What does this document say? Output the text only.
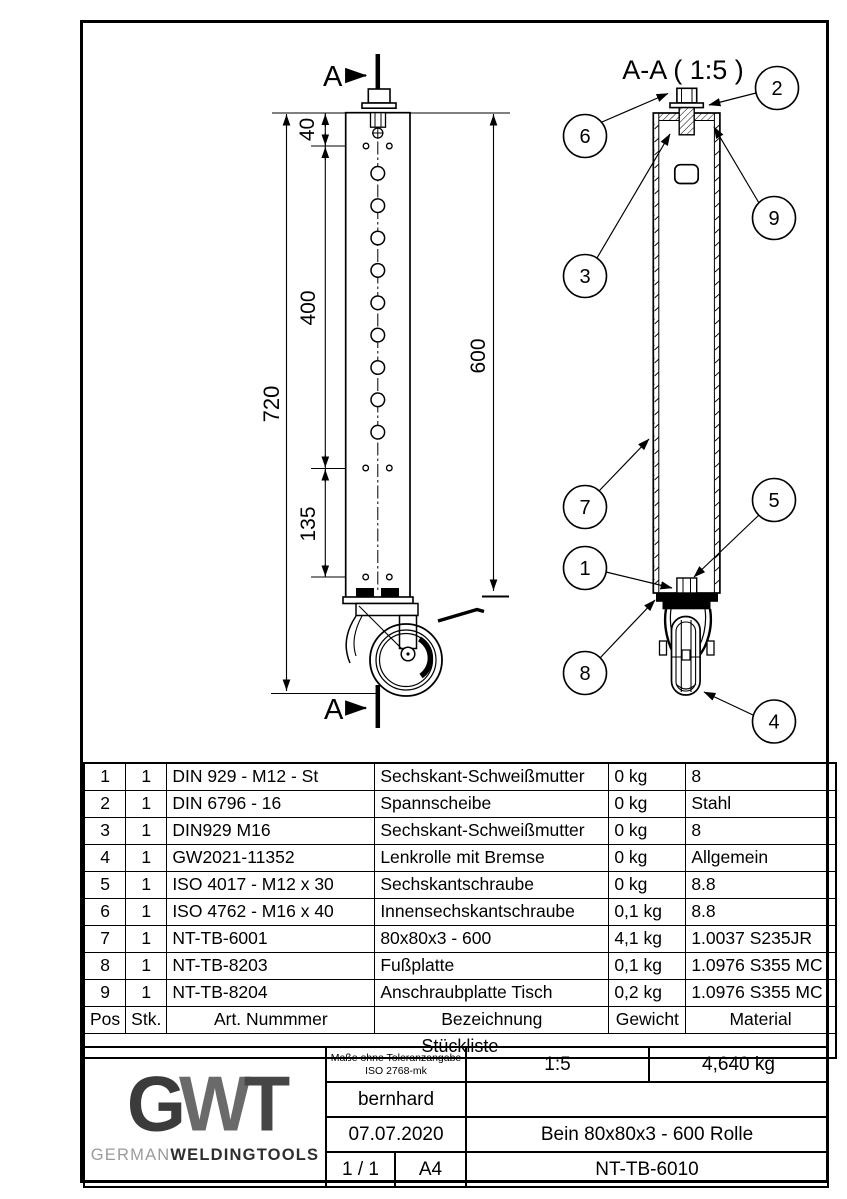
A
A
720
40
400
135
600
A-A ( 1:5 )
6
2
9
3
7	5
1
8
4
1	1	DIN 929 - M12 - St	Sechskant-Schweißmutter	0 kg	8
2	1	DIN 6796 - 16	Spannscheibe	0 kg	Stahl
3	1	DIN929 M16	Sechskant-Schweißmutter	0 kg	8
4	1	GW2021-11352	Lenkrolle mit Bremse	0 kg	Allgemein
5	1	ISO 4017 - M12 x 30	Sechskantschraube	0 kg	8.8
6	1	ISO 4762 - M16 x 40	Innensechskantschraube	0,1 kg	8.8
7	1	NT-TB-6001	80x80x3 - 600	4,1 kg	1.0037 S235JR
8	1	NT-TB-8203	Fußplatte	0,1 kg	1.0976 S355 MC
9	1	NT-TB-8204	Anschraubplatte Tisch	0,2 kg	1.0976 S355 MC
Pos	Stk.	Art. Nummmer	Bezeichnung	Gewicht	Material
Stückliste					
GWT
GERMANWELDINGTOOLS

Maße ohne Toleranzangabe
ISO 2768-mk	1:5	4,640 kg
	bernhard			
	07.07.2020		Bein 80x80x3 - 600 Rolle	
	1 / 1	A4	NT-TB-6010	
